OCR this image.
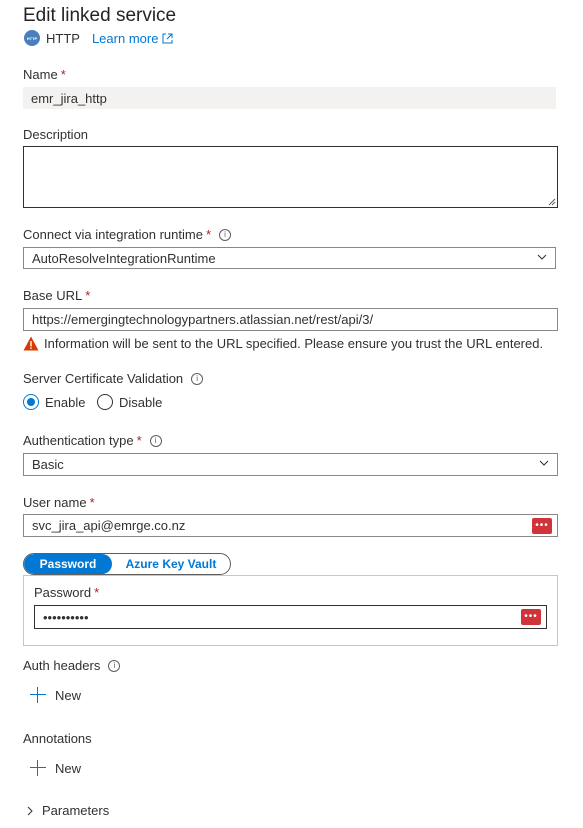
Edit linked service
HTTP HTTP Learn more
Name *
emr_jira_http
Description
Connect via integration runtime *	i
AutoResolveIntegrationRuntime
Base URL *
https://emergingtechnologypartners.atlassian.net/rest/api/3/
Information will be sent to the URL specified. Please ensure you trust the URL entered.
Server Certificate Validation	i
Enable	Disable
Authentication type *	i
Basic
User name *
svc_jira_api@emrge.co.nz	•••
Password	Azure Key Vault
Password *
••••••••••	•••
Auth headers	i
New
Annotations
New
Parameters
